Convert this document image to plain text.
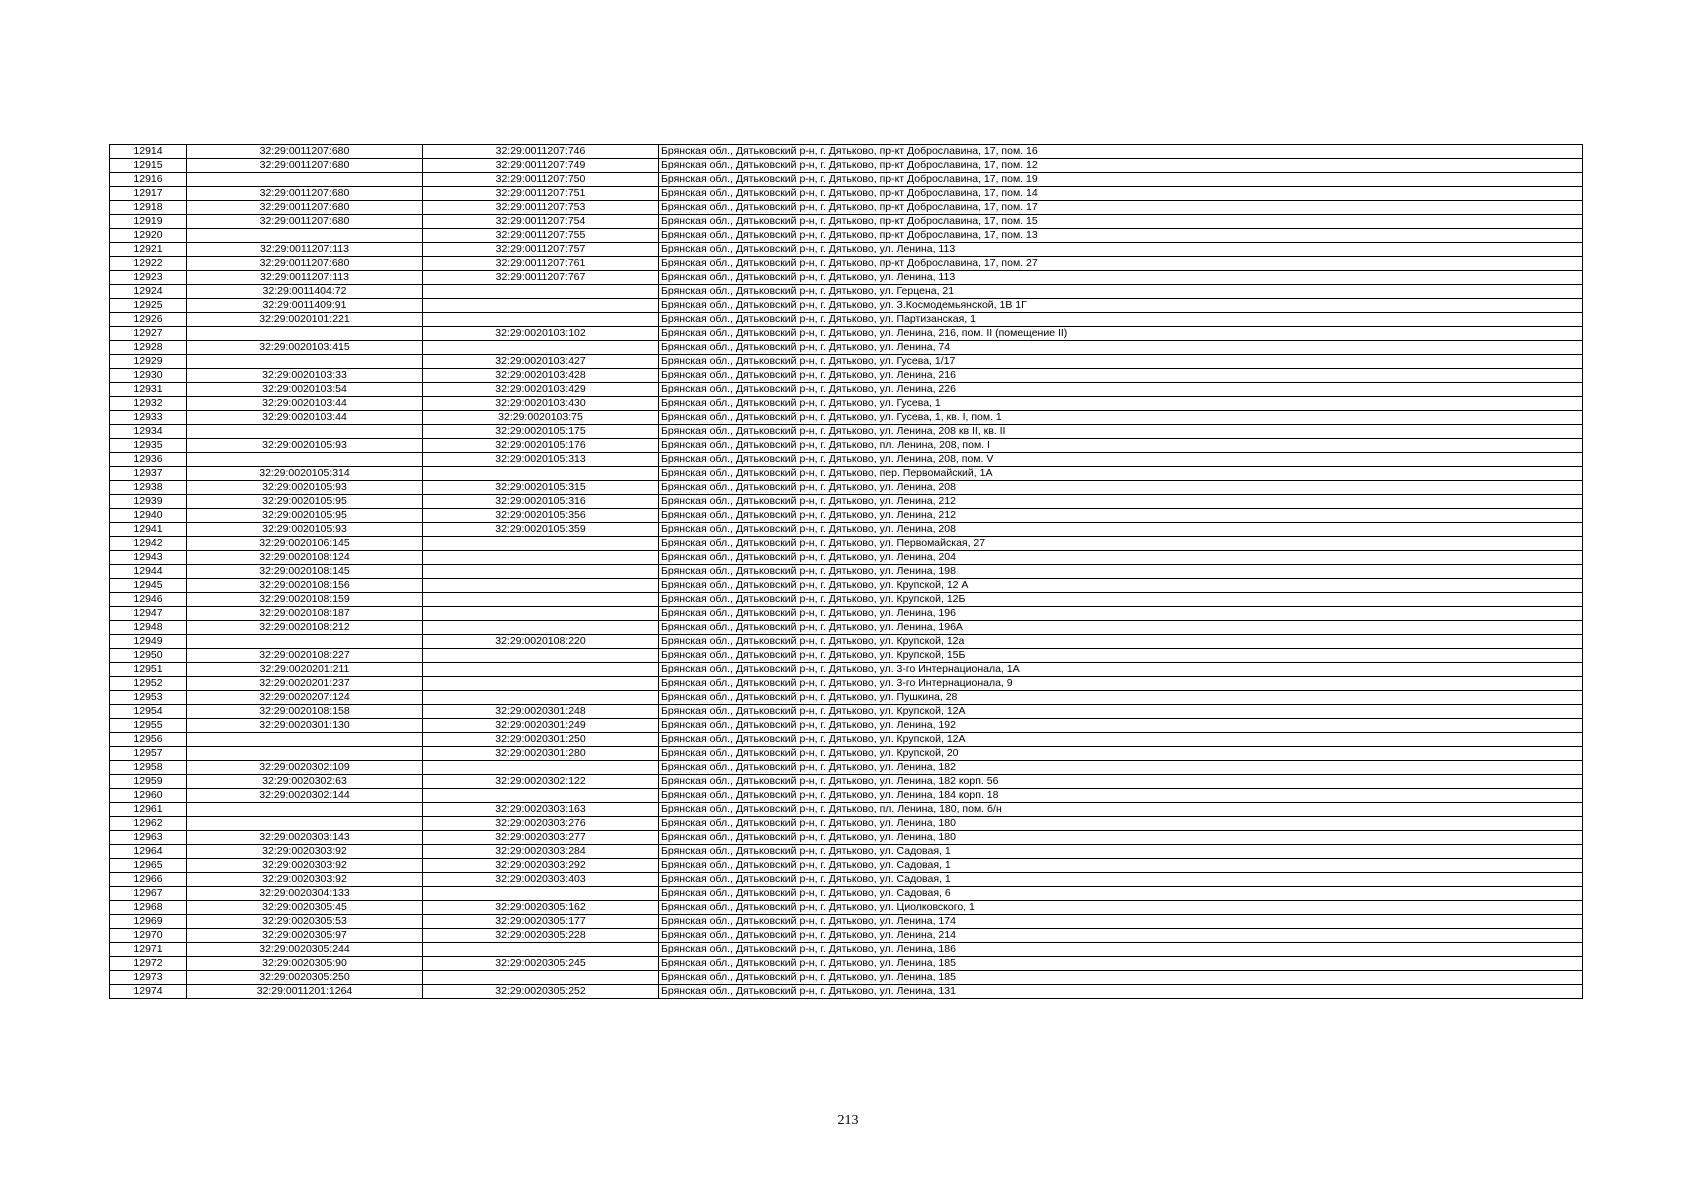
12914	32:29:0011207:680	32:29:0011207:746	Брянская обл., Дятьковский р-н, г. Дятьково, пр-кт Доброславина, 17, пом. 16
12915	32:29:0011207:680	32:29:0011207:749	Брянская обл., Дятьковский р-н, г. Дятьково, пр-кт Доброславина, 17, пом. 12
12916		32:29:0011207:750	Брянская обл., Дятьковский р-н, г. Дятьково, пр-кт Доброславина, 17, пом. 19
12917	32:29:0011207:680	32:29:0011207:751	Брянская обл., Дятьковский р-н, г. Дятьково, пр-кт Доброславина, 17, пом. 14
12918	32:29:0011207:680	32:29:0011207:753	Брянская обл., Дятьковский р-н, г. Дятьково, пр-кт Доброславина, 17, пом. 17
12919	32:29:0011207:680	32:29:0011207:754	Брянская обл., Дятьковский р-н, г. Дятьково, пр-кт Доброславина, 17, пом. 15
12920		32:29:0011207:755	Брянская обл., Дятьковский р-н, г. Дятьково, пр-кт Доброславина, 17, пом. 13
12921	32:29:0011207:113	32:29:0011207:757	Брянская обл., Дятьковский р-н, г. Дятьково, ул. Ленина, 113
12922	32:29:0011207:680	32:29:0011207:761	Брянская обл., Дятьковский р-н, г. Дятьково, пр-кт Доброславина, 17, пом. 27
12923	32:29:0011207:113	32:29:0011207:767	Брянская обл., Дятьковский р-н, г. Дятьково, ул. Ленина, 113
12924	32:29:0011404:72		Брянская обл., Дятьковский р-н, г. Дятьково, ул. Герцена, 21
12925	32:29:0011409:91		Брянская обл., Дятьковский р-н, г. Дятьково, ул. З.Космодемьянской, 1В 1Г
12926	32:29:0020101:221		Брянская обл., Дятьковский р-н, г. Дятьково, ул. Партизанская, 1
12927		32:29:0020103:102	Брянская обл., Дятьковский р-н, г. Дятьково, ул. Ленина, 216, пом. II (помещение II)
12928	32:29:0020103:415		Брянская обл., Дятьковский р-н, г. Дятьково, ул. Ленина, 74
12929		32:29:0020103:427	Брянская обл., Дятьковский р-н, г. Дятьково, ул. Гусева, 1/17
12930	32:29:0020103:33	32:29:0020103:428	Брянская обл., Дятьковский р-н, г. Дятьково, ул. Ленина, 216
12931	32:29:0020103:54	32:29:0020103:429	Брянская обл., Дятьковский р-н, г. Дятьково, ул. Ленина, 226
12932	32:29:0020103:44	32:29:0020103:430	Брянская обл., Дятьковский р-н, г. Дятьково, ул. Гусева, 1
12933	32:29:0020103:44	32:29:0020103:75	Брянская обл., Дятьковский р-н, г. Дятьково, ул. Гусева, 1, кв. I, пом. 1
12934		32:29:0020105:175	Брянская обл., Дятьковский р-н, г. Дятьково, ул. Ленина, 208 кв II, кв. II
12935	32:29:0020105:93	32:29:0020105:176	Брянская обл., Дятьковский р-н, г. Дятьково, пл. Ленина, 208, пом. I
12936		32:29:0020105:313	Брянская обл., Дятьковский р-н, г. Дятьково, ул. Ленина, 208, пом. V
12937	32:29:0020105:314		Брянская обл., Дятьковский р-н, г. Дятьково, пер. Первомайский, 1А
12938	32:29:0020105:93	32:29:0020105:315	Брянская обл., Дятьковский р-н, г. Дятьково, ул. Ленина, 208
12939	32:29:0020105:95	32:29:0020105:316	Брянская обл., Дятьковский р-н, г. Дятьково, ул. Ленина, 212
12940	32:29:0020105:95	32:29:0020105:356	Брянская обл., Дятьковский р-н, г. Дятьково, ул. Ленина, 212
12941	32:29:0020105:93	32:29:0020105:359	Брянская обл., Дятьковский р-н, г. Дятьково, ул. Ленина, 208
12942	32:29:0020106:145		Брянская обл., Дятьковский р-н, г. Дятьково, ул. Первомайская, 27
12943	32:29:0020108:124		Брянская обл., Дятьковский р-н, г. Дятьково, ул. Ленина, 204
12944	32:29:0020108:145		Брянская обл., Дятьковский р-н, г. Дятьково, ул. Ленина, 198
12945	32:29:0020108:156		Брянская обл., Дятьковский р-н, г. Дятьково, ул. Крупской, 12 А
12946	32:29:0020108:159		Брянская обл., Дятьковский р-н, г. Дятьково, ул. Крупской, 12Б
12947	32:29:0020108:187		Брянская обл., Дятьковский р-н, г. Дятьково, ул. Ленина, 196
12948	32:29:0020108:212		Брянская обл., Дятьковский р-н, г. Дятьково, ул. Ленина, 196А
12949		32:29:0020108:220	Брянская обл., Дятьковский р-н, г. Дятьково, ул. Крупской, 12а
12950	32:29:0020108:227		Брянская обл., Дятьковский р-н, г. Дятьково, ул. Крупской, 15Б
12951	32:29:0020201:211		Брянская обл., Дятьковский р-н, г. Дятьково, ул. 3-го Интернационала, 1А
12952	32:29:0020201:237		Брянская обл., Дятьковский р-н, г. Дятьково, ул. 3-го Интернационала, 9
12953	32:29:0020207:124		Брянская обл., Дятьковский р-н, г. Дятьково, ул. Пушкина, 28
12954	32:29:0020108:158	32:29:0020301:248	Брянская обл., Дятьковский р-н, г. Дятьково, ул. Крупской, 12А
12955	32:29:0020301:130	32:29:0020301:249	Брянская обл., Дятьковский р-н, г. Дятьково, ул. Ленина, 192
12956		32:29:0020301:250	Брянская обл., Дятьковский р-н, г. Дятьково, ул. Крупской, 12А
12957		32:29:0020301:280	Брянская обл., Дятьковский р-н, г. Дятьково, ул. Крупской, 20
12958	32:29:0020302:109		Брянская обл., Дятьковский р-н, г. Дятьково, ул. Ленина, 182
12959	32:29:0020302:63	32:29:0020302:122	Брянская обл., Дятьковский р-н, г. Дятьково, ул. Ленина, 182 корп. 56
12960	32:29:0020302:144		Брянская обл., Дятьковский р-н, г. Дятьково, ул. Ленина, 184 корп. 18
12961		32:29:0020303:163	Брянская обл., Дятьковский р-н, г. Дятьково, пл. Ленина, 180, пом. б/н
12962		32:29:0020303:276	Брянская обл., Дятьковский р-н, г. Дятьково, ул. Ленина, 180
12963	32:29:0020303:143	32:29:0020303:277	Брянская обл., Дятьковский р-н, г. Дятьково, ул. Ленина, 180
12964	32:29:0020303:92	32:29:0020303:284	Брянская обл., Дятьковский р-н, г. Дятьково, ул. Садовая, 1
12965	32:29:0020303:92	32:29:0020303:292	Брянская обл., Дятьковский р-н, г. Дятьково, ул. Садовая, 1
12966	32:29:0020303:92	32:29:0020303:403	Брянская обл., Дятьковский р-н, г. Дятьково, ул. Садовая, 1
12967	32:29:0020304:133		Брянская обл., Дятьковский р-н, г. Дятьково, ул. Садовая, 6
12968	32:29:0020305:45	32:29:0020305:162	Брянская обл., Дятьковский р-н, г. Дятьково, ул. Циолковского, 1
12969	32:29:0020305:53	32:29:0020305:177	Брянская обл., Дятьковский р-н, г. Дятьково, ул. Ленина, 174
12970	32:29:0020305:97	32:29:0020305:228	Брянская обл., Дятьковский р-н, г. Дятьково, ул. Ленина, 214
12971	32:29:0020305:244		Брянская обл., Дятьковский р-н, г. Дятьково, ул. Ленина, 186
12972	32:29:0020305:90	32:29:0020305:245	Брянская обл., Дятьковский р-н, г. Дятьково, ул. Ленина, 185
12973	32:29:0020305:250		Брянская обл., Дятьковский р-н, г. Дятьково, ул. Ленина, 185
12974	32:29:0011201:1264	32:29:0020305:252	Брянская обл., Дятьковский р-н, г. Дятьково, ул. Ленина, 131
213
